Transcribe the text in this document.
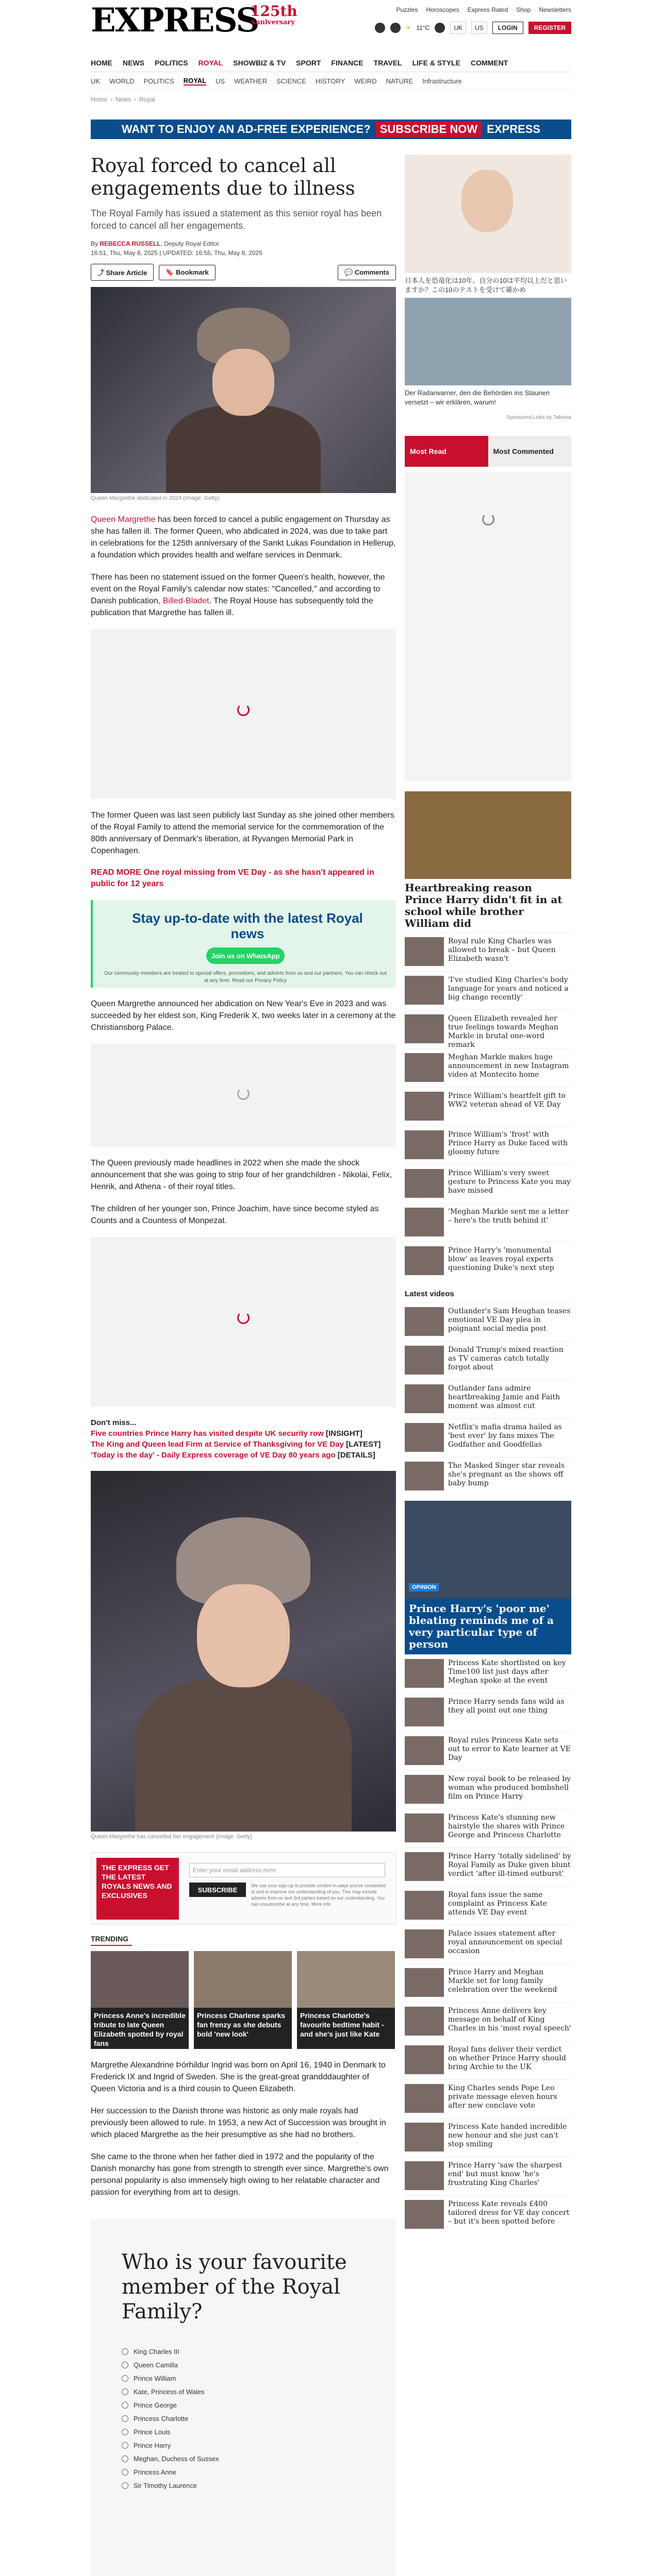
EXPRESS
125th
Anniversary
Puzzles Horoscopes Express Rated Shop Newsletters
☀ 11°C	UK	US	LOGIN	REGISTER
HOME NEWS POLITICS ROYAL SHOWBIZ & TV SPORT FINANCE TRAVEL LIFE & STYLE COMMENT
UK WORLD POLITICS ROYAL US WEATHER SCIENCE HISTORY WEIRD NATURE Infrastructure
Home › News › Royal
WANT TO ENJOY AN AD-FREE EXPERIENCE? SUBSCRIBE NOW EXPRESS
Royal forced to cancel all engagements due to illness
The Royal Family has issued a statement as this senior royal has been forced to cancel all her engagements.
By REBECCA RUSSELL, Deputy Royal Editor
16:51, Thu, May 8, 2025 | UPDATED: 16:55, Thu, May 8, 2025
⤴ Share Article	🔖 Bookmark	💬 Comments
Queen Margrethe abdicated in 2024 (Image: Getty)

Queen Margrethe has been forced to cancel a public engagement on Thursday as she has fallen ill. The former Queen, who abdicated in 2024, was due to take part in celebrations for the 125th anniversary of the Sankt Lukas Foundation in Hellerup, a foundation which provides health and welfare services in Denmark.

There has been no statement issued on the former Queen's health, however, the event on the Royal Family's calendar now states: "Cancelled," and according to Danish publication, Billed-Bladet. The Royal House has subsequently told the publication that Margrethe has fallen ill.

The former Queen was last seen publicly last Sunday as she joined other members of the Royal Family to attend the memorial service for the commemoration of the 80th anniversary of Denmark's liberation, at Ryvangen Memorial Park in Copenhagen.

READ MORE One royal missing from VE Day - as she hasn't appeared in public for 12 years
Stay up-to-date with the latest Royal news
Join us on WhatsApp
Our community members are treated to special offers, promotions, and adverts from us and our partners. You can check out at any time. Read our Privacy Policy

Queen Margrethe announced her abdication on New Year's Eve in 2023 and was succeeded by her eldest son, King Frederik X, two weeks later in a ceremony at the Christiansborg Palace.

The Queen previously made headlines in 2022 when she made the shock announcement that she was going to strip four of her grandchildren - Nikolai, Felix, Henrik, and Athena - of their royal titles.

The children of her younger son, Prince Joachim, have since become styled as Counts and a Countess of Monpezat.

Don't miss...
Five countries Prince Harry has visited despite UK security row [INSIGHT]
The King and Queen lead Firm at Service of Thanksgiving for VE Day [LATEST]
'Today is the day' - Daily Express coverage of VE Day 80 years ago [DETAILS]
Queen Margrethe has cancelled her engagement (Image: Getty)
THE EXPRESS GET THE LATEST ROYALS NEWS AND EXCLUSIVES
Enter your email address here
SUBSCRIBE
We use your sign-up to provide content in ways you've consented to and to improve our understanding of you. This may include adverts from us and 3rd parties based on our understanding. You can unsubscribe at any time. More info
TRENDING
Princess Anne's incredible tribute to late Queen Elizabeth spotted by royal fans
Princess Charlene sparks fan frenzy as she debuts bold 'new look'
Princess Charlotte's favourite bedtime habit - and she's just like Kate

Margrethe Alexandrine Þórhildur Ingrid was born on April 16, 1940 in Denmark to Frederick IX and Ingrid of Sweden. She is the great-great grandddaughter of Queen Victoria and is a third cousin to Queen Elizabeth.

Her succession to the Danish throne was historic as only male royals had previously been allowed to rule. In 1953, a new Act of Succession was brought in which placed Margrethe as the heir presumptive as she had no brothers.

She came to the throne when her father died in 1972 and the popularity of the Danish monarchy has gone from strength to strength ever since. Margrethe's own personal popularity is also immensely high owing to her relatable character and passion for everything from art to design.

Who is your favourite member of the Royal Family?
King Charles III
Queen Camilla
Prince William
Kate, Princess of Wales
Prince George
Princess Charlotte
Prince Louis
Prince Harry
Meghan, Duchess of Sussex
Princess Anne
Sir Timothy Laurence
日本人を恐竜化は10年。自分の10は平均以上だと思いますか？この10のテストを受けて確かめ
Der Radarwarner, den die Behörden ins Staunen versetzt – wir erklären, warum!
Sponsored Links by Taboola
Most Read	Most Commented
Heartbreaking reason Prince Harry didn't fit in at school while brother William did
Royal rule King Charles was allowed to break – but Queen Elizabeth wasn't
'I've studied King Charles's body language for years and noticed a big change recently'
Queen Elizabeth revealed her true feelings towards Meghan Markle in brutal one-word remark
Meghan Markle makes huge announcement in new Instagram video at Montecito home
Prince William's heartfelt gift to WW2 veteran ahead of VE Day
Prince William's 'frost' with Prince Harry as Duke faced with gloomy future
Prince William's very sweet gesture to Princess Kate you may have missed
'Meghan Markle sent me a letter – here's the truth behind it'
Prince Harry's 'monumental blow' as leaves royal experts questioning Duke's next step
Latest videos
Outlander's Sam Heughan teases emotional VE Day plea in poignant social media post
Donald Trump's mixed reaction as TV cameras catch totally forgot about
Outlander fans admire heartbreaking Jamie and Faith moment was almost cut
Netflix's mafia drama hailed as 'best ever' by fans mixes The Godfather and Goodfellas
The Masked Singer star reveals she's pregnant as the shows off baby bump
OPINION
Prince Harry's 'poor me' bleating reminds me of a very particular type of person
Princess Kate shortlisted on key Time100 list just days after Meghan spoke at the event
Prince Harry sends fans wild as they all point out one thing
Royal rules Princess Kate sets out to error to Kate learner at VE Day
New royal book to be released by woman who produced bombshell film on Prince Harry
Princess Kate's stunning new hairstyle the shares with Prince George and Princess Charlotte
Prince Harry 'totally sidelined' by Royal Family as Duke given blunt verdict 'after ill-timed outburst'
Royal fans issue the same complaint as Princess Kate attends VE Day event
Palace issues statement after royal announcement on special occasion
Prince Harry and Meghan Markle set for long family celebration over the weekend
Princess Anne delivers key message on behalf of King Charles in his 'most royal speech'
Royal fans deliver their verdict on whether Prince Harry should bring Archie to the UK
King Charles sends Pope Leo private message eleven hours after new conclave vote
Princess Kate handed incredible new honour and she just can't stop smiling
Prince Harry 'saw the sharpest end' but must know 'he's frustrating King Charles'
Princess Kate reveals £400 tailored dress for VE day concert – but it's been spotted before
